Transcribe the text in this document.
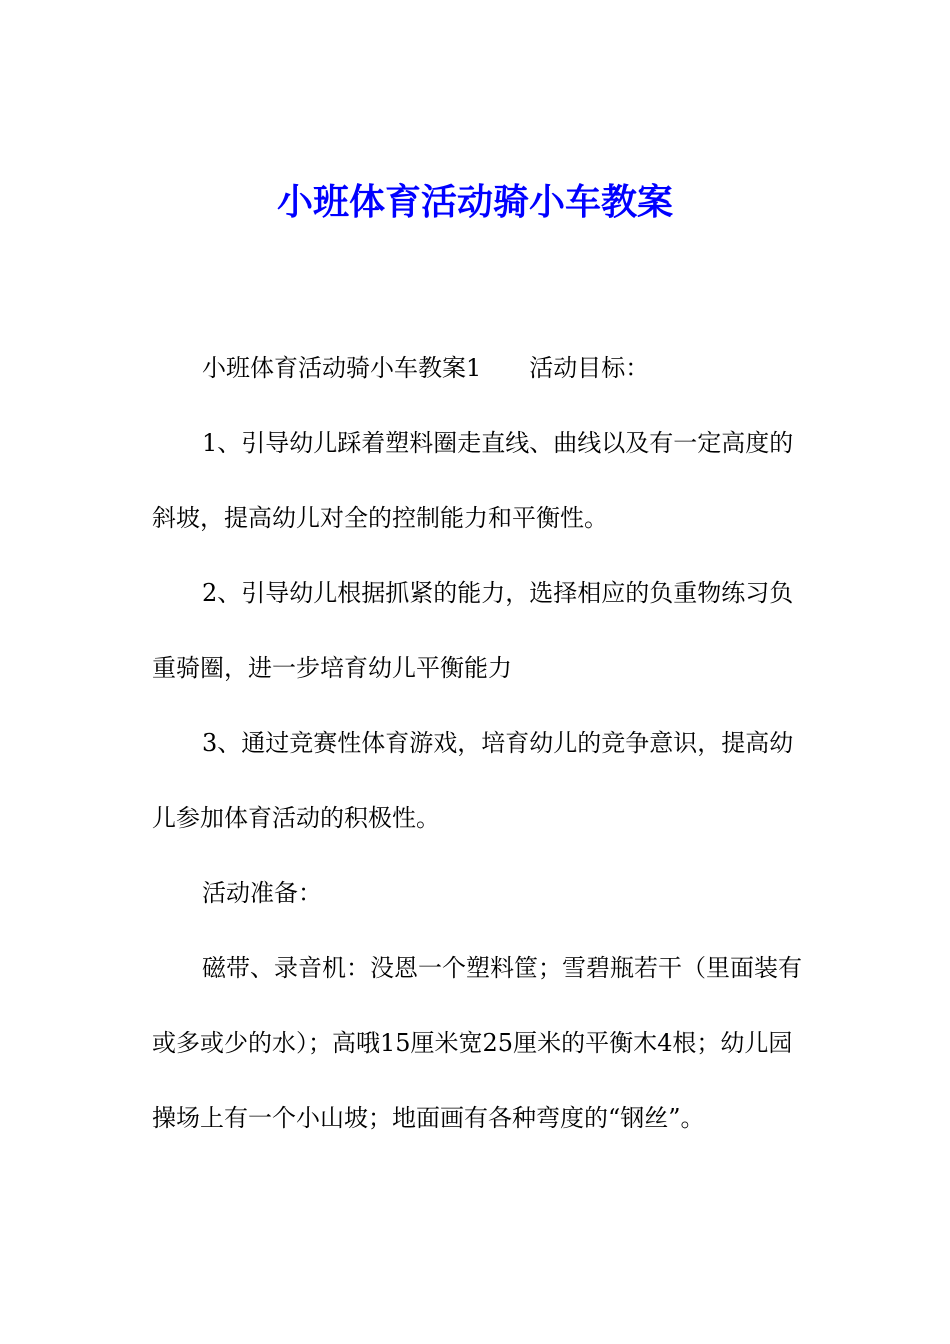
小班体育活动骑小车教案

小班体育活动骑小车教案1 活动目标：

1、引导幼儿踩着塑料圈走直线、曲线以及有一定高度的斜坡，提高幼儿对全的控制能力和平衡性。

2、引导幼儿根据抓紧的能力，选择相应的负重物练习负重骑圈，进一步培育幼儿平衡能力

3、通过竞赛性体育游戏，培育幼儿的竞争意识，提高幼儿参加体育活动的积极性。

活动准备：

磁带、录音机：没恩一个塑料筐；雪碧瓶若干（里面装有或多或少的水）；高哦15厘米宽25厘米的平衡木4根；幼儿园操场上有一个小山坡；地面画有各种弯度的“钢丝”。
